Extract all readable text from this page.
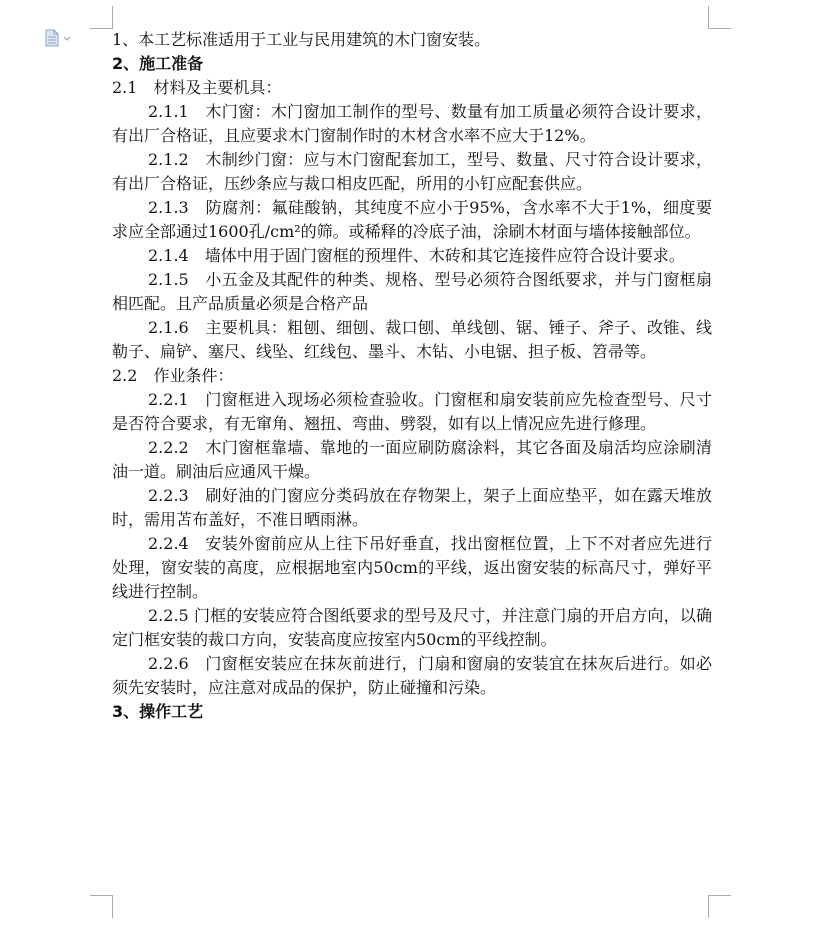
1、本工艺标准适用于工业与民用建筑的木门窗安装。

2、施工准备

2.1　材料及主要机具：

2.1.1　木门窗：木门窗加工制作的型号、数量有加工质量必须符合设计要求，有出厂合格证，且应要求木门窗制作时的木材含水率不应大于12%。

2.1.2　木制纱门窗：应与木门窗配套加工，型号、数量、尺寸符合设计要求，有出厂合格证，压纱条应与裁口相皮匹配，所用的小钉应配套供应。

2.1.3　防腐剂：氟硅酸钠，其纯度不应小于95%，含水率不大于1%，细度要求应全部通过1600孔/cm²的筛。或稀释的冷底子油，涂刷木材面与墙体接触部位。

2.1.4　墙体中用于固门窗框的预埋件、木砖和其它连接件应符合设计要求。

2.1.5　小五金及其配件的种类、规格、型号必须符合图纸要求，并与门窗框扇相匹配。且产品质量必须是合格产品

2.1.6　主要机具：粗刨、细刨、裁口刨、单线刨、锯、锤子、斧子、改锥、线勒子、扁铲、塞尺、线坠、红线包、墨斗、木钻、小电锯、担子板、笤帚等。

2.2　作业条件：

2.2.1　门窗框进入现场必须检查验收。门窗框和扇安装前应先检查型号、尺寸是否符合要求，有无窜角、翘扭、弯曲、劈裂，如有以上情况应先进行修理。

2.2.2　木门窗框靠墙、靠地的一面应刷防腐涂料，其它各面及扇活均应涂刷清油一道。刷油后应通风干燥。

2.2.3　刷好油的门窗应分类码放在存物架上，架子上面应垫平，如在露天堆放时，需用苫布盖好，不准日晒雨淋。

2.2.4　安装外窗前应从上往下吊好垂直，找出窗框位置，上下不对者应先进行处理，窗安装的高度，应根据地室内50cm的平线，返出窗安装的标高尺寸，弹好平线进行控制。

2.2.5 门框的安装应符合图纸要求的型号及尺寸，并注意门扇的开启方向，以确定门框安装的裁口方向，安装高度应按室内50cm的平线控制。

2.2.6　门窗框安装应在抹灰前进行，门扇和窗扇的安装宜在抹灰后进行。如必须先安装时，应注意对成品的保护，防止碰撞和污染。

3、操作工艺
